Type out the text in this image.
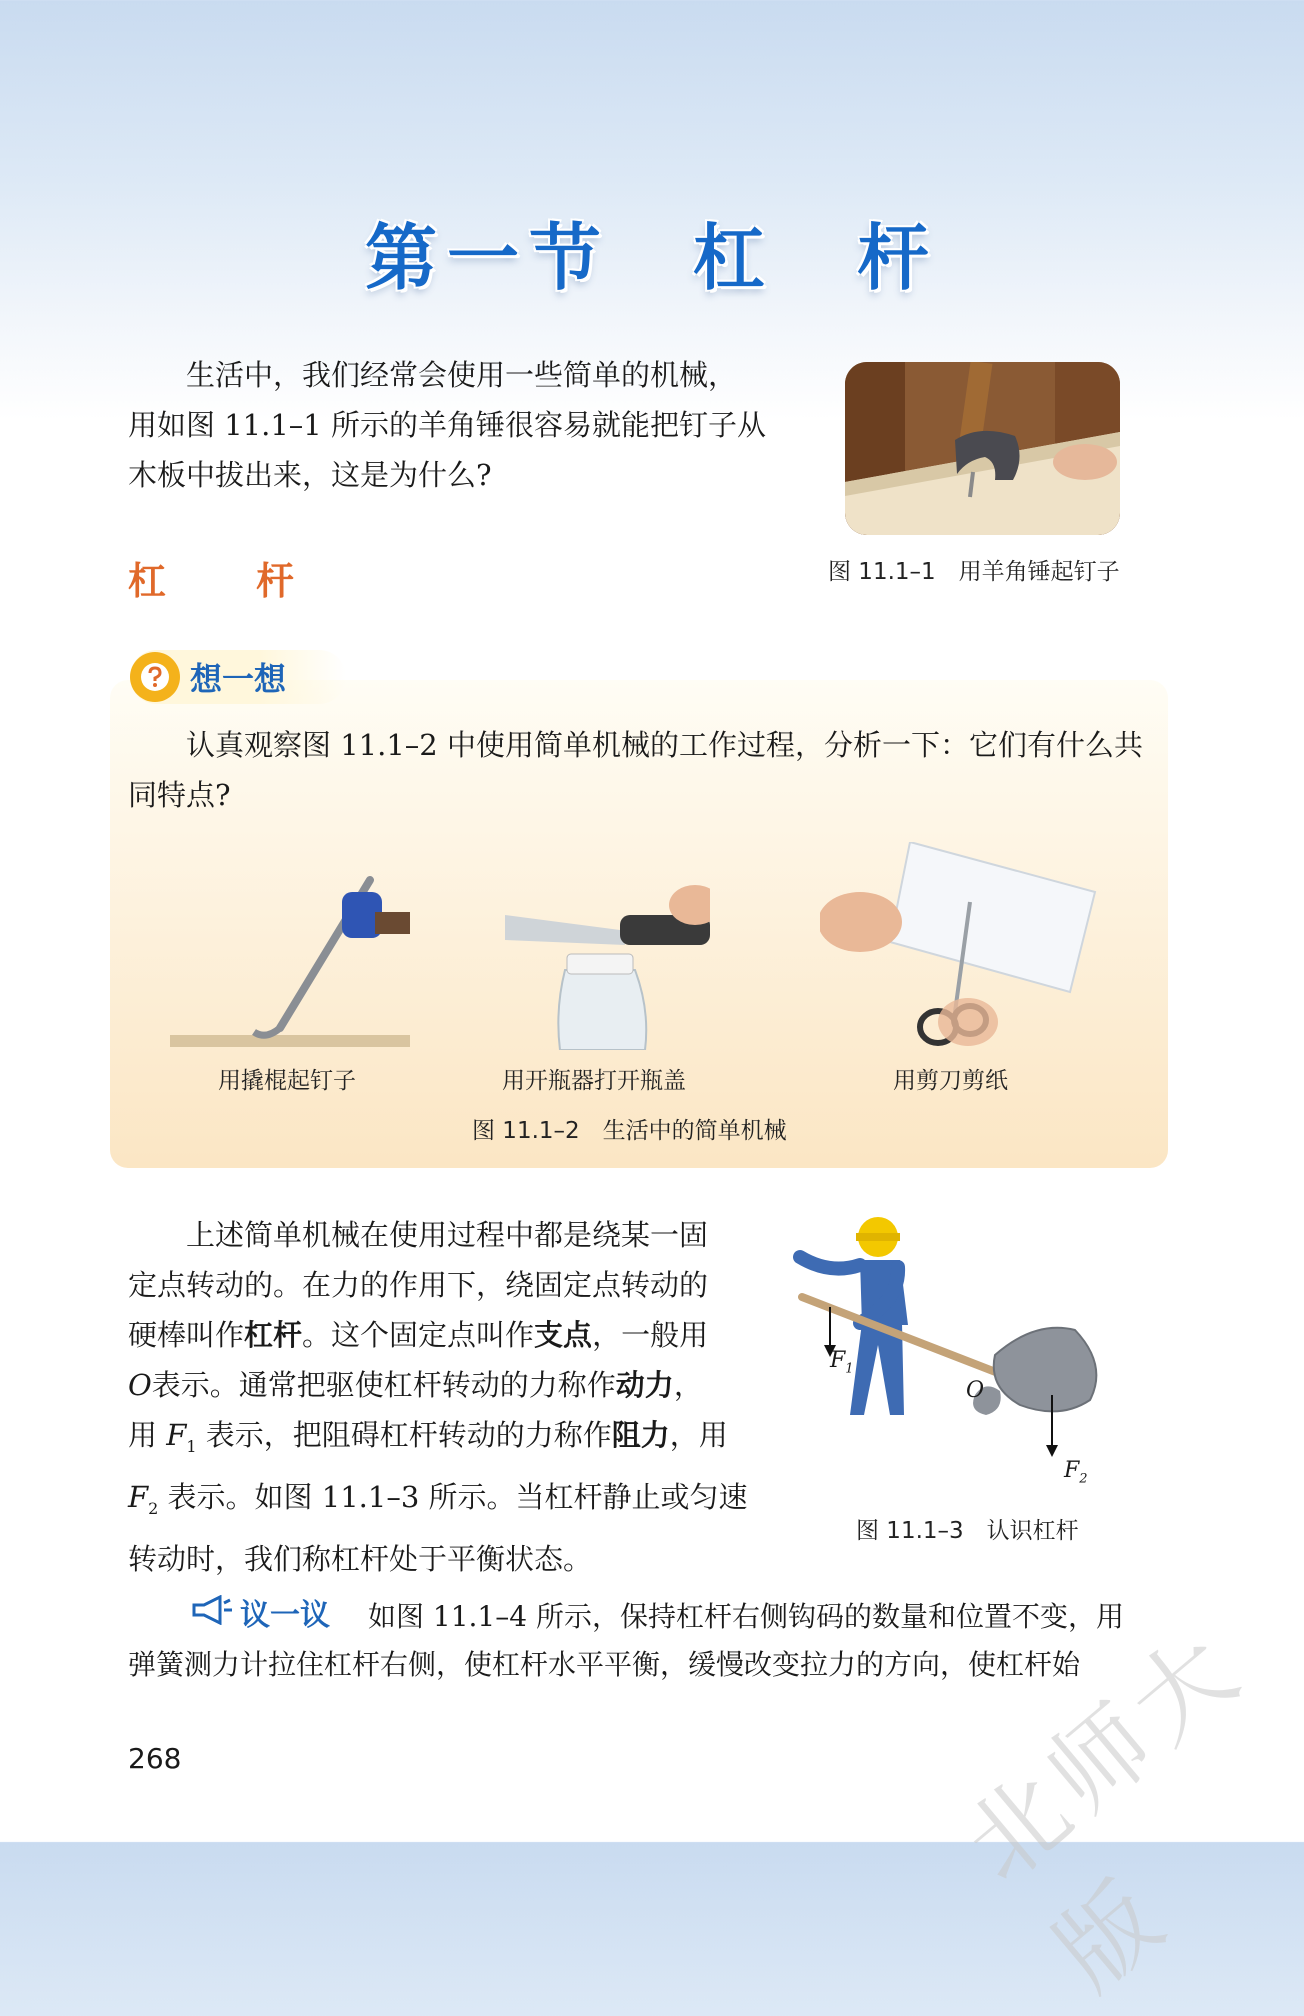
第一节　杠　杆
生活中，我们经常会使用一些简单的机械，
用如图 11.1–1 所示的羊角锤很容易就能把钉子从
木板中拔出来，这是为什么?
图 11.1–1　用羊角锤起钉子
杠　杆
想一想
认真观察图 11.1–2 中使用简单机械的工作过程，分析一下：它们有什么共
同特点?
用撬棍起钉子	用开瓶器打开瓶盖	用剪刀剪纸
图 11.1–2　生活中的简单机械
上述简单机械在使用过程中都是绕某一固
定点转动的。在力的作用下，绕固定点转动的
硬棒叫作杠杆。这个固定点叫作支点，一般用
O表示。通常把驱使杠杆转动的力称作动力，
用 $F_1$ 表示，把阻碍杠杆转动的力称作阻力，用
$F_2$ 表示。如图 11.1–3 所示。当杠杆静止或匀速
转动时，我们称杠杆处于平衡状态。
$F_1$
O
$F_2$
图 11.1–3　认识杠杆
议一议 如图 11.1–4 所示，保持杠杆右侧钩码的数量和位置不变，用
弹簧测力计拉住杠杆右侧，使杠杆水平平衡，缓慢改变拉力的方向，使杠杆始
268	北师大版
